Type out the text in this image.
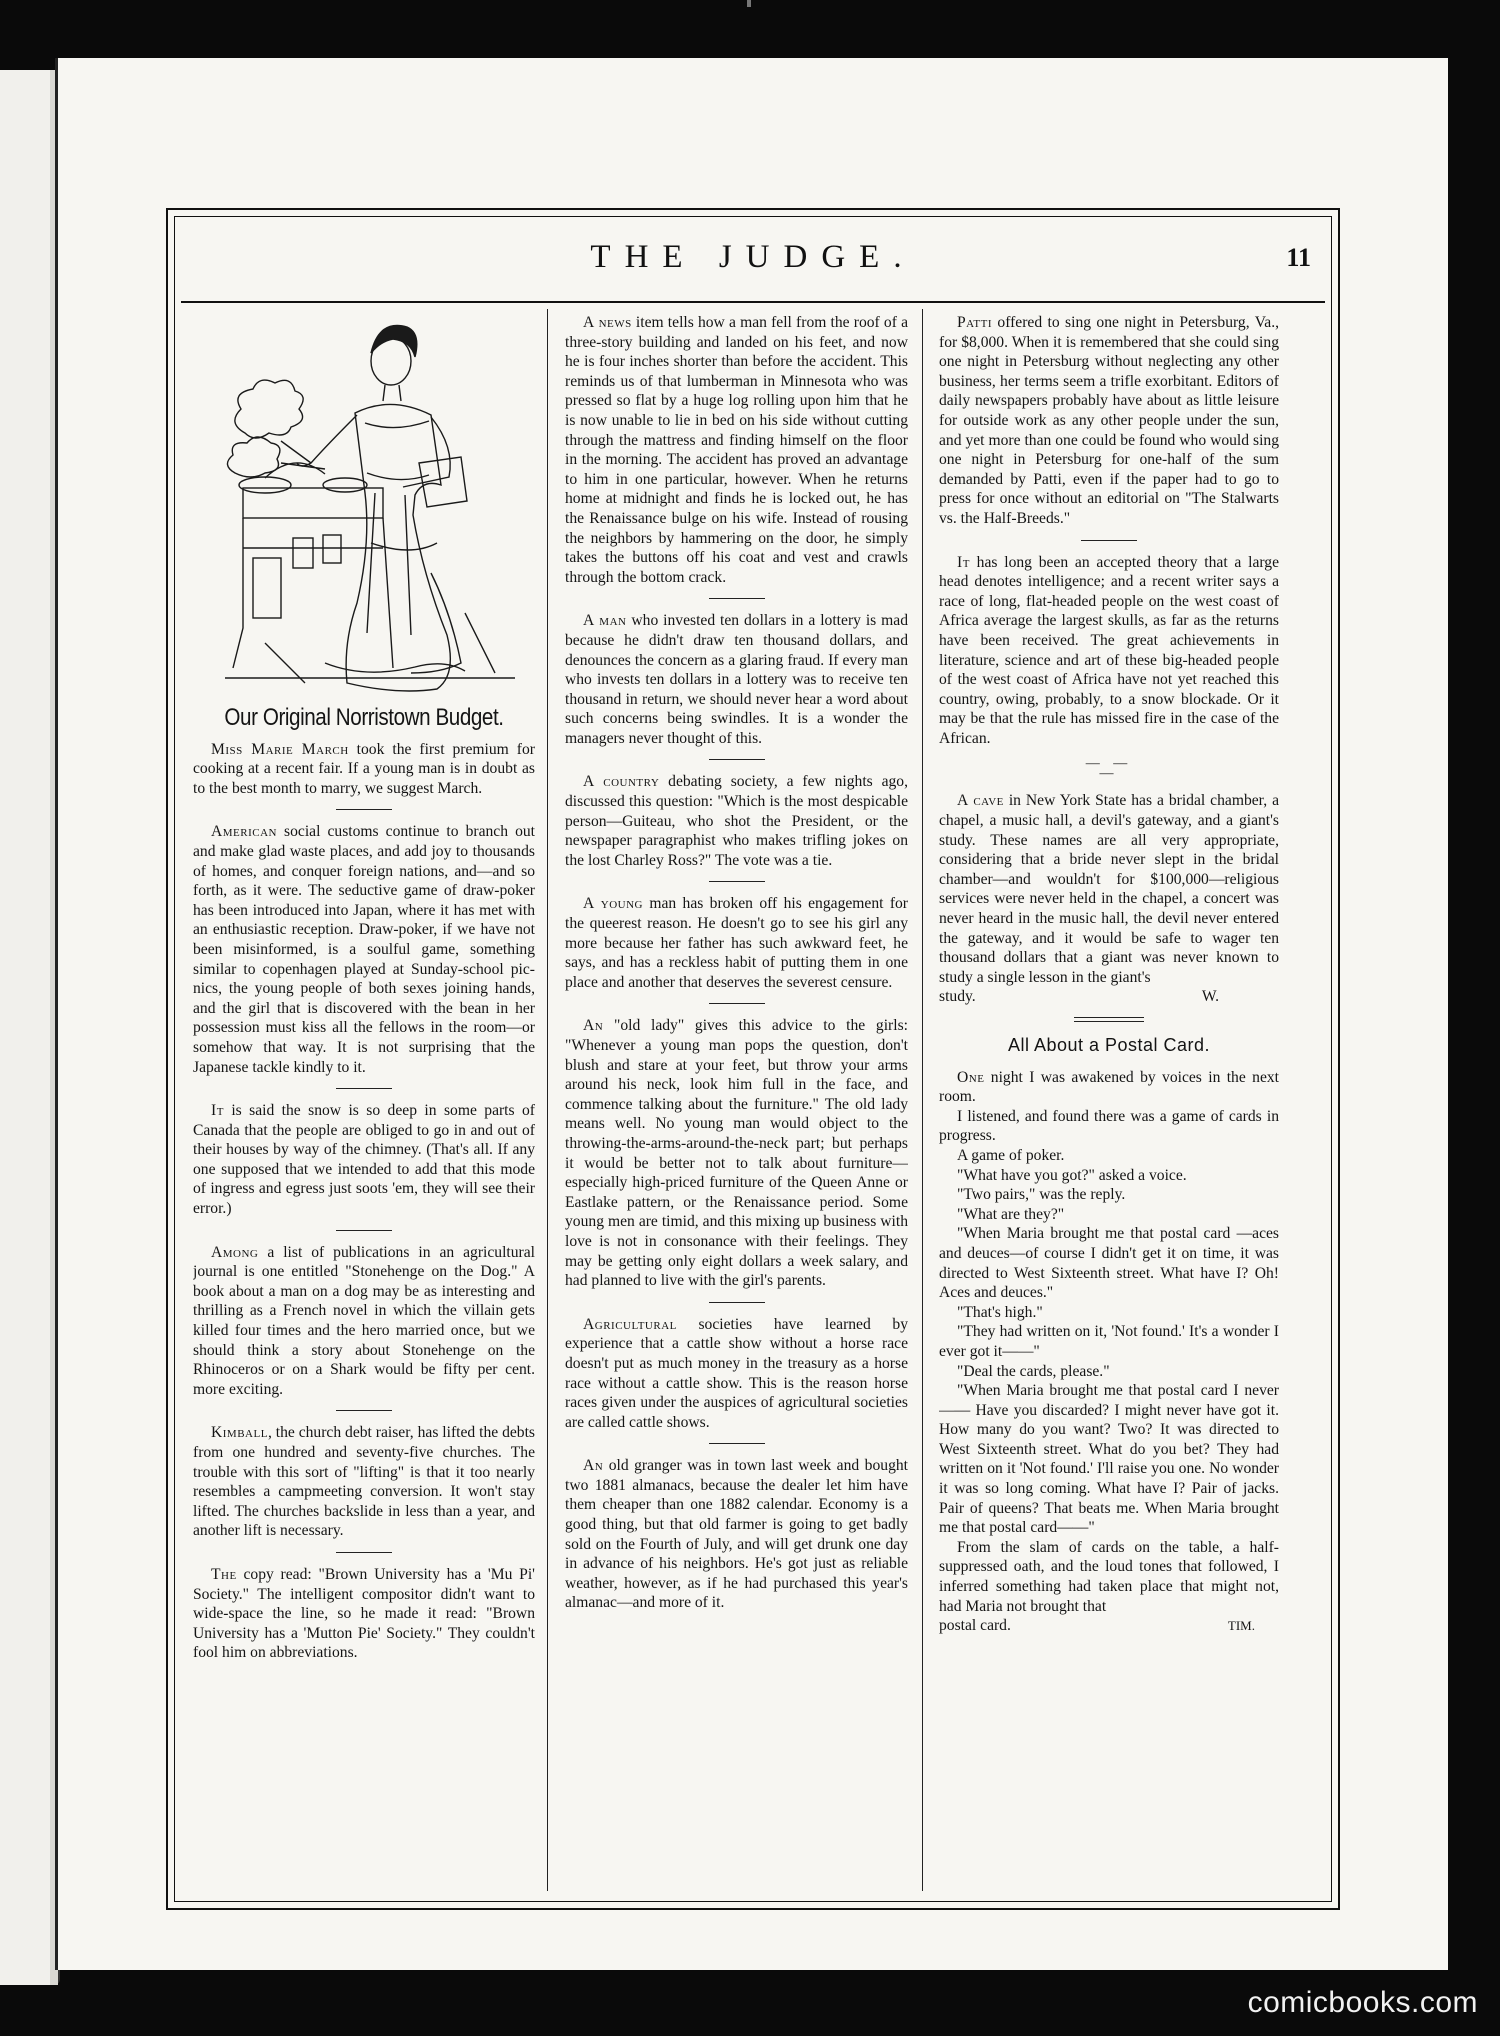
THE JUDGE.	11
Our Original Norristown Budget.

Miss Marie March took the first premium for cooking at a recent fair. If a young man is in doubt as to the best month to marry, we suggest March.

American social customs continue to branch out and make glad waste places, and add joy to thousands of homes, and conquer foreign nations, and—and so forth, as it were. The seductive game of draw-poker has been introduced into Japan, where it has met with an enthusiastic reception. Draw-poker, if we have not been misinformed, is a soulful game, something similar to copenhagen played at Sunday-school pic-nics, the young people of both sexes joining hands, and the girl that is discovered with the bean in her possession must kiss all the fellows in the room—or somehow that way. It is not surprising that the Japanese tackle kindly to it.

It is said the snow is so deep in some parts of Canada that the people are obliged to go in and out of their houses by way of the chimney. (That's all. If any one supposed that we intended to add that this mode of ingress and egress just soots 'em, they will see their error.)

Among a list of publications in an agricultural journal is one entitled "Stonehenge on the Dog." A book about a man on a dog may be as interesting and thrilling as a French novel in which the villain gets killed four times and the hero married once, but we should think a story about Stonehenge on the Rhinoceros or on a Shark would be fifty per cent. more exciting.

Kimball, the church debt raiser, has lifted the debts from one hundred and seventy-five churches. The trouble with this sort of "lifting" is that it too nearly resembles a campmeeting conversion. It won't stay lifted. The churches backslide in less than a year, and another lift is necessary.

The copy read: "Brown University has a 'Mu Pi' Society." The intelligent compositor didn't want to wide-space the line, so he made it read: "Brown University has a 'Mutton Pie' Society." They couldn't fool him on abbreviations.

A news item tells how a man fell from the roof of a three-story building and landed on his feet, and now he is four inches shorter than before the accident. This reminds us of that lumberman in Minnesota who was pressed so flat by a huge log rolling upon him that he is now unable to lie in bed on his side without cutting through the mattress and finding himself on the floor in the morning. The accident has proved an advantage to him in one particular, however. When he returns home at midnight and finds he is locked out, he has the Renaissance bulge on his wife. Instead of rousing the neighbors by hammering on the door, he simply takes the buttons off his coat and vest and crawls through the bottom crack.

A man who invested ten dollars in a lottery is mad because he didn't draw ten thousand dollars, and denounces the concern as a glaring fraud. If every man who invests ten dollars in a lottery was to receive ten thousand in return, we should never hear a word about such concerns being swindles. It is a wonder the managers never thought of this.

A country debating society, a few nights ago, discussed this question: "Which is the most despicable person—Guiteau, who shot the President, or the newspaper paragraphist who makes trifling jokes on the lost Charley Ross?" The vote was a tie.

A young man has broken off his engagement for the queerest reason. He doesn't go to see his girl any more because her father has such awkward feet, he says, and has a reckless habit of putting them in one place and another that deserves the severest censure.

An "old lady" gives this advice to the girls: "Whenever a young man pops the question, don't blush and stare at your feet, but throw your arms around his neck, look him full in the face, and commence talking about the furniture." The old lady means well. No young man would object to the throwing-the-arms-around-the-neck part; but perhaps it would be better not to talk about furniture—especially high-priced furniture of the Queen Anne or Eastlake pattern, or the Renaissance period. Some young men are timid, and this mixing up business with love is not in consonance with their feelings. They may be getting only eight dollars a week salary, and had planned to live with the girl's parents.

Agricultural societies have learned by experience that a cattle show without a horse race doesn't put as much money in the treasury as a horse race without a cattle show. This is the reason horse races given under the auspices of agricultural societies are called cattle shows.

An old granger was in town last week and bought two 1881 almanacs, because the dealer let him have them cheaper than one 1882 calendar. Economy is a good thing, but that old farmer is going to get badly sold on the Fourth of July, and will get drunk one day in advance of his neighbors. He's got just as reliable weather, however, as if he had purchased this year's almanac—and more of it.

Patti offered to sing one night in Petersburg, Va., for $8,000. When it is remembered that she could sing one night in Petersburg without neglecting any other business, her terms seem a trifle exorbitant. Editors of daily newspapers probably have about as little leisure for outside work as any other people under the sun, and yet more than one could be found who would sing one night in Petersburg for one-half of the sum demanded by Patti, even if the paper had to go to press for once without an editorial on "The Stalwarts vs. the Half-Breeds."

It has long been an accepted theory that a large head denotes intelligence; and a recent writer says a race of long, flat-headed people on the west coast of Africa average the largest skulls, as far as the returns have been received. The great achievements in literature, science and art of these big-headed people of the west coast of Africa have not yet reached this country, owing, probably, to a snow blockade. Or it may be that the rule has missed fire in the case of the African.

— — —

A cave in New York State has a bridal chamber, a chapel, a music hall, a devil's gateway, and a giant's study. These names are all very appropriate, considering that a bride never slept in the bridal chamber—and wouldn't for $100,000—religious services were never held in the chapel, a concert was never heard in the music hall, the devil never entered the gateway, and it would be safe to wager ten thousand dollars that a giant was never known to study a single lesson in the giant's

study.	W.
All About a Postal Card.

One night I was awakened by voices in the next room.

I listened, and found there was a game of cards in progress.

A game of poker.

"What have you got?" asked a voice.

"Two pairs," was the reply.

"What are they?"

"When Maria brought me that postal card —aces and deuces—of course I didn't get it on time, it was directed to West Sixteenth street. What have I? Oh! Aces and deuces."

"That's high."

"They had written on it, 'Not found.' It's a wonder I ever got it——"

"Deal the cards, please."

"When Maria brought me that postal card I never—— Have you discarded? I might never have got it. How many do you want? Two? It was directed to West Sixteenth street. What do you bet? They had written on it 'Not found.' I'll raise you one. No wonder it was so long coming. What have I? Pair of jacks. Pair of queens? That beats me. When Maria brought me that postal card——"

From the slam of cards on the table, a half-suppressed oath, and the loud tones that followed, I inferred something had taken place that might not, had Maria not brought that

postal card.	TIM.
comicbooks.com
